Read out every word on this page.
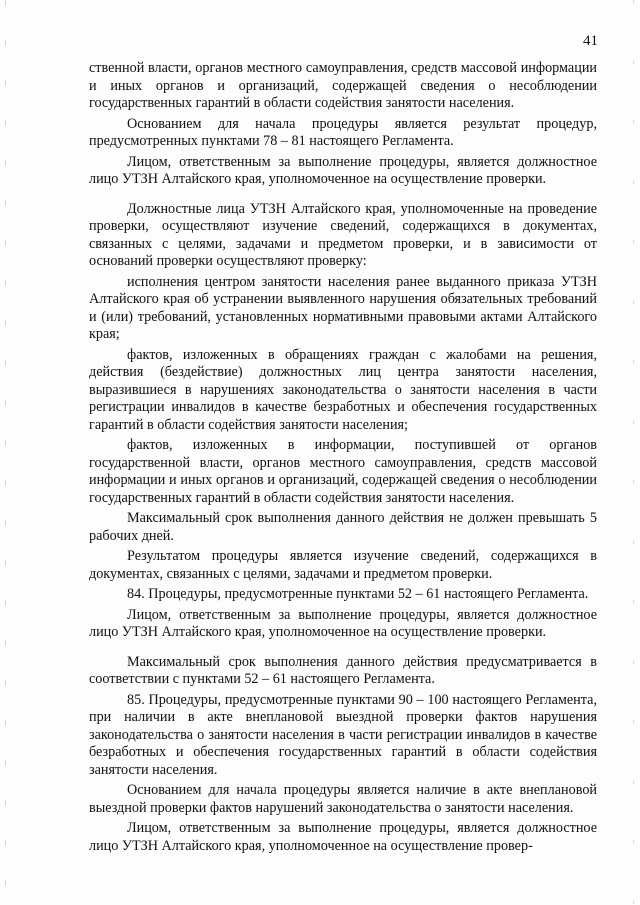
41

ственной власти, органов местного самоуправления, средств массовой информации и иных органов и организаций, содержащей сведения о несоблюдении государственных гарантий в области содействия занятости населения.

Основанием для начала процедуры является результат процедур, предусмотренных пунктами 78 – 81 настоящего Регламента.

Лицом, ответственным за выполнение процедуры, является должностное лицо УТЗН Алтайского края, уполномоченное на осуществление проверки.

Должностные лица УТЗН Алтайского края, уполномоченные на проведение проверки, осуществляют изучение сведений, содержащихся в документах, связанных с целями, задачами и предметом проверки, и в зависимости от оснований проверки осуществляют проверку:

исполнения центром занятости населения ранее выданного приказа УТЗН Алтайского края об устранении выявленного нарушения обязательных требований и (или) требований, установленных нормативными правовыми актами Алтайского края;

фактов, изложенных в обращениях граждан с жалобами на решения, действия (бездействие) должностных лиц центра занятости населения, выразившиеся в нарушениях законодательства о занятости населения в части регистрации инвалидов в качестве безработных и обеспечения государственных гарантий в области содействия занятости населения;

фактов, изложенных в информации, поступившей от органов государственной власти, органов местного самоуправления, средств массовой информации и иных органов и организаций, содержащей сведения о несоблюдении государственных гарантий в области содействия занятости населения.

Максимальный срок выполнения данного действия не должен превышать 5 рабочих дней.

Результатом процедуры является изучение сведений, содержащихся в документах, связанных с целями, задачами и предметом проверки.

84. Процедуры, предусмотренные пунктами 52 – 61 настоящего Регламента.

Лицом, ответственным за выполнение процедуры, является должностное лицо УТЗН Алтайского края, уполномоченное на осуществление проверки.

Максимальный срок выполнения данного действия предусматривается в соответствии с пунктами 52 – 61 настоящего Регламента.

85. Процедуры, предусмотренные пунктами 90 – 100 настоящего Регламента, при наличии в акте внеплановой выездной проверки фактов нарушения законодательства о занятости населения в части регистрации инвалидов в качестве безработных и обеспечения государственных гарантий в области содействия занятости населения.

Основанием для начала процедуры является наличие в акте внеплановой выездной проверки фактов нарушений законодательства о занятости населения.

Лицом, ответственным за выполнение процедуры, является должностное лицо УТЗН Алтайского края, уполномоченное на осуществление провер-
